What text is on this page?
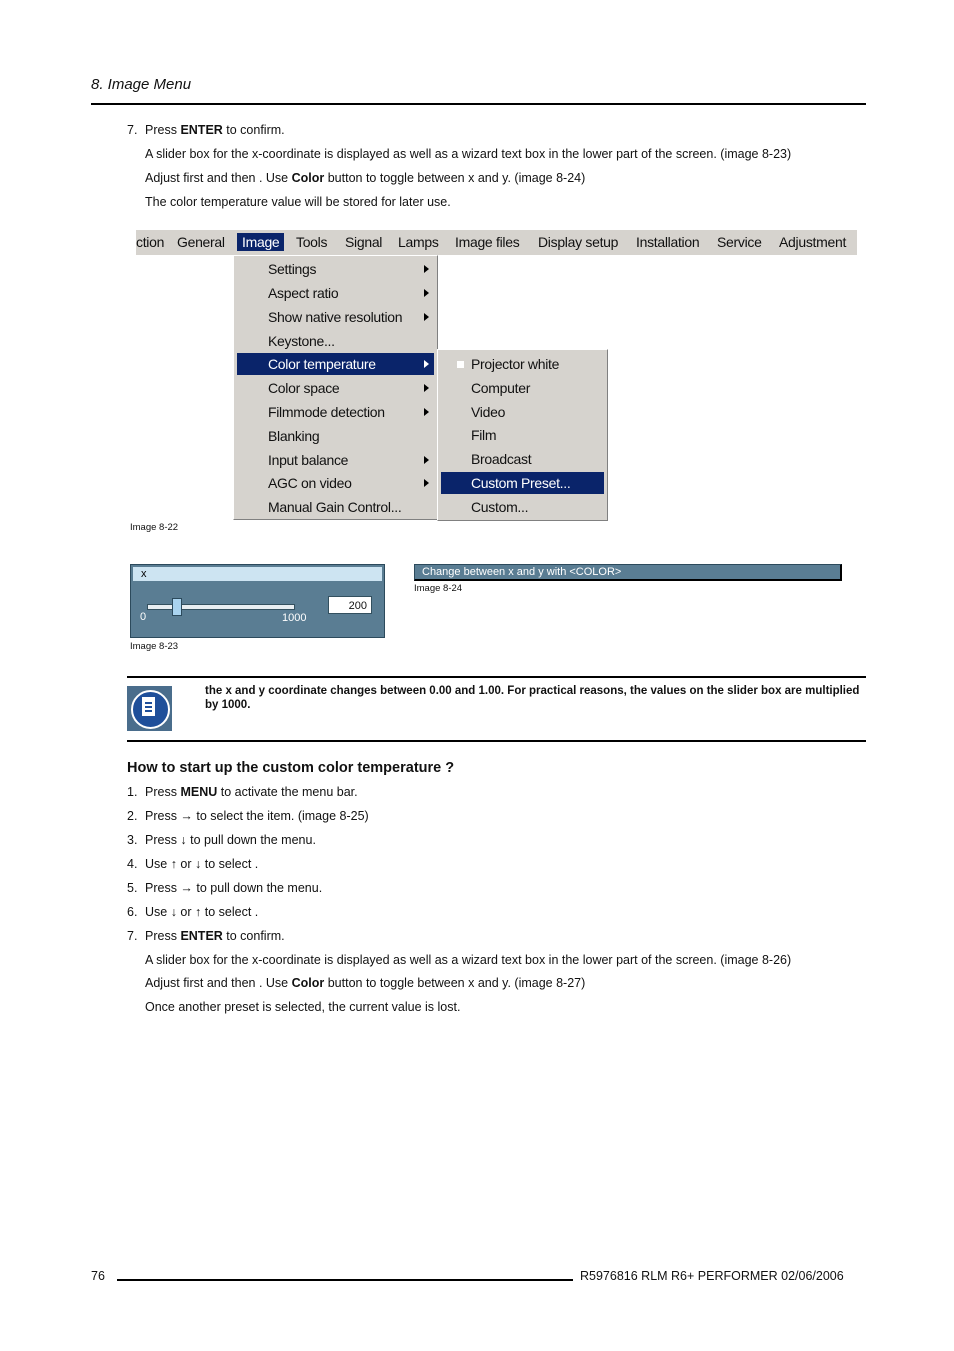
8. Image Menu
7. Press ENTER to confirm.
A slider box for the x-coordinate is displayed as well as a wizard text box in the lower part of the screen. (image 8-23)
Adjust first and then . Use Color button to toggle between x and y. (image 8-24)
The color temperature value will be stored for later use.
ction General	Image	Tools Signal Lamps Image files Display setup Installation Service Adjustment
Settings
Aspect ratio
Show native resolution
Keystone...
Color temperature
Color space
Filmmode detection
Blanking
Input balance
AGC on video
Manual Gain Control...
Projector white
Computer
Video
Film
Broadcast
Custom Preset...
Custom...
Image 8-22
x
0	1000
200
Image 8-23
Change between x and y with <COLOR>
Image 8-24
the x and y coordinate changes between 0.00 and 1.00. For practical reasons, the values on the slider box are multiplied by 1000.
How to start up the custom color temperature ?
1. Press MENU to activate the menu bar.
2. Press → to select the item. (image 8-25)
3. Press ↓ to pull down the menu.
4. Use ↑ or ↓ to select .
5. Press → to pull down the menu.
6. Use ↓ or ↑ to select .
7. Press ENTER to confirm.
A slider box for the x-coordinate is displayed as well as a wizard text box in the lower part of the screen. (image 8-26)
Adjust first and then . Use Color button to toggle between x and y. (image 8-27)
Once another preset is selected, the current value is lost.
76	R5976816 RLM R6+ PERFORMER 02/06/2006
